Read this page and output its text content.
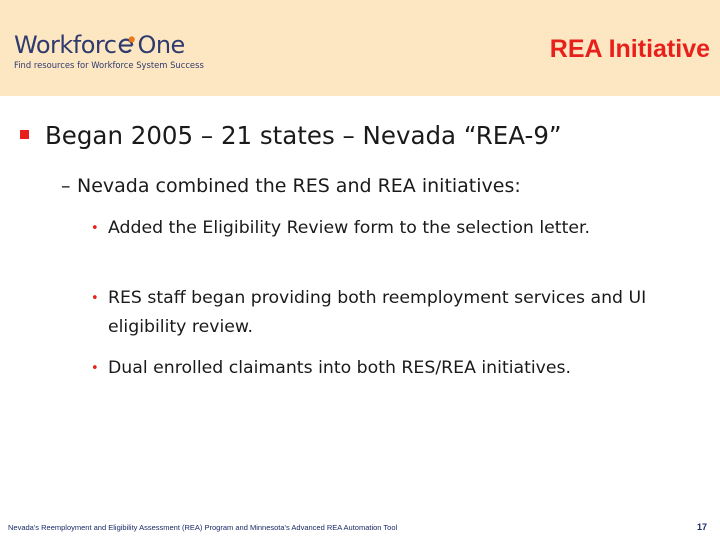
Workforc One
Find resources for Workforce System Success
REA Initiative
Began 2005 – 21 states – Nevada “REA-9”
– Nevada combined the RES and REA initiatives:
• Added the Eligibility Review form to the selection letter.
• RES staff began providing both reemployment services and UI eligibility review.
• Dual enrolled claimants into both RES/REA initiatives.
Nevada's Reemployment and Eligibility Assessment (REA) Program and Minnesota's Advanced REA Automation Tool	17
